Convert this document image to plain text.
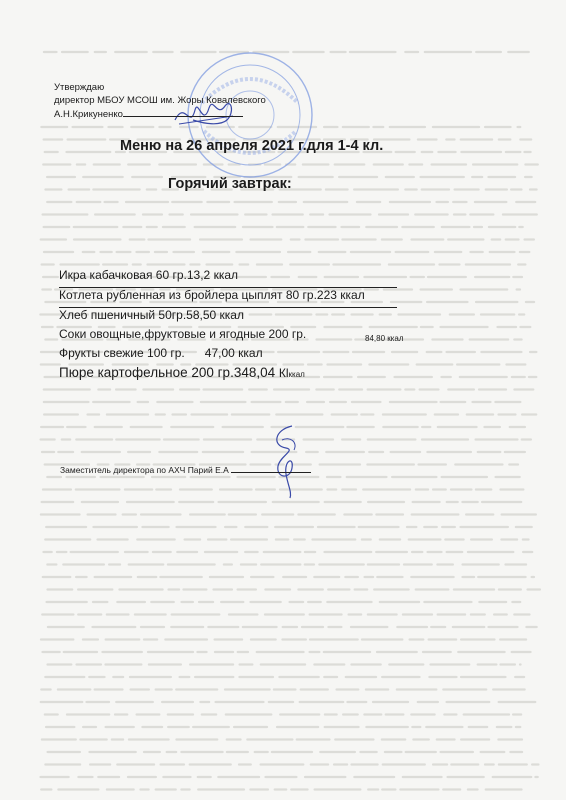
Утверждаю
директор МБОУ МСОШ им. Жоры Ковалевского
А.Н.Крикуненко
Меню на 26 апреля 2021 г.для 1-4 кл.
Горячий завтрак:
Икра кабачковая 60 гр.13,2 ккал
Котлета рубленная из бройлера цыплят 80 гр.223 ккал
Хлеб пшеничный 50гр.58,50 ккал
Соки овощные,фруктовые и ягодные 200 гр.	84,80 ккал
Фрукты свежие 100 гр.      47,00 ккал
Пюре картофельное 200 гр.348,04 Кlккал
Заместитель директора по АХЧ Парий Е.А
